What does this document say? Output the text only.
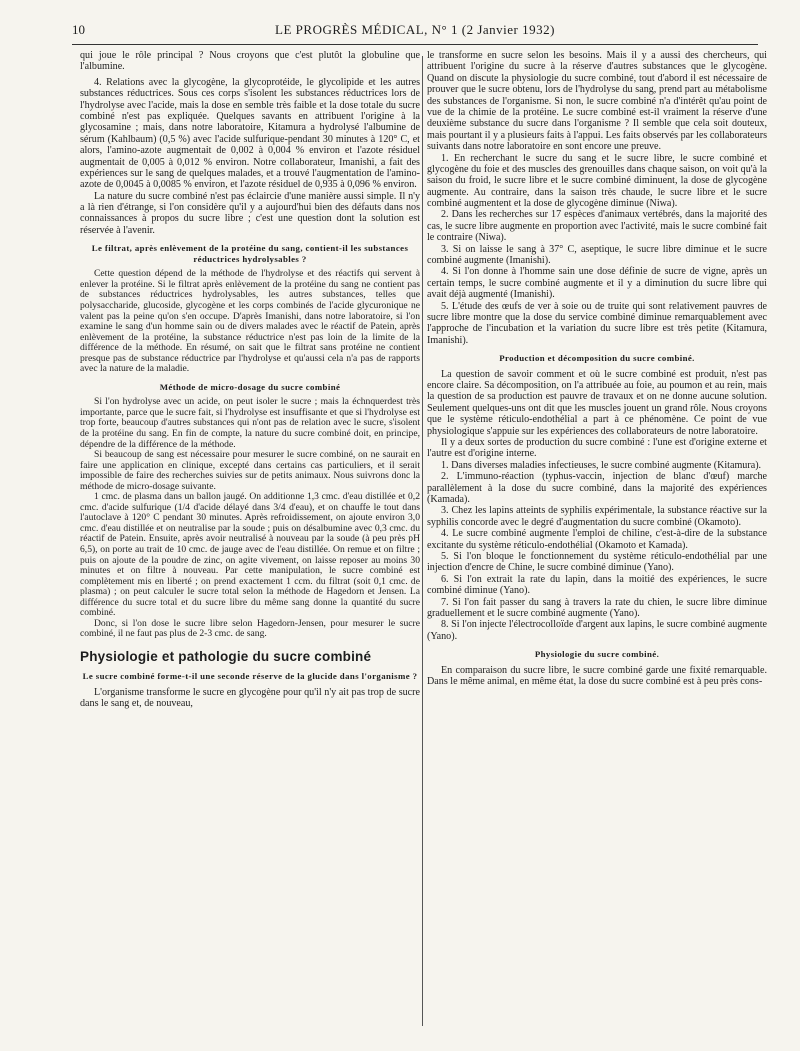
10	LE PROGRÈS MÉDICAL, N° 1 (2 Janvier 1932)

qui joue le rôle principal ? Nous croyons que c'est plutôt la globuline que l'albumine.

4. Relations avec la glycogène, la glycoprotéide, le glycolipide et les autres substances réductrices. Sous ces corps s'isolent les substances réductrices lors de l'hydrolyse avec l'acide, mais la dose en semble très faible et la dose totale du sucre combiné n'est pas expliquée. Quelques savants en attribuent l'origine à la glycosamine ; mais, dans notre laboratoire, Kitamura a hydrolysé l'albumine de sérum (Kahlbaum) (0,5 %) avec l'acide sulfurique-pendant 30 minutes à 120° C, et alors, l'amino-azote augmentait de 0,002 à 0,004 % environ et l'azote résiduel augmentait de 0,005 à 0,012 % environ. Notre collaborateur, Imanishi, a fait des expériences sur le sang de quelques malades, et a trouvé l'augmentation de l'amino-azote de 0,0045 à 0,0085 % environ, et l'azote résiduel de 0,935 à 0,096 % environ.

La nature du sucre combiné n'est pas éclaircie d'une manière aussi simple. Il n'y a là rien d'étrange, si l'on considère qu'il y a aujourd'hui bien des défauts dans nos connaissances à propos du sucre libre ; c'est une question dont la solution est réservée à l'avenir.

Le filtrat, après enlèvement de la protéine du sang, contient-il les substances réductrices hydrolysables ?

Cette question dépend de la méthode de l'hydrolyse et des réactifs qui servent à enlever la protéine. Si le filtrat après enlèvement de la protéine du sang ne contient pas de substances réductrices hydrolysables, les autres substances, telles que polysaccharide, glucoside, glycogène et les corps combinés de l'acide glycuronique ne valent pas la peine qu'on s'en occupe. D'après Imanishi, dans notre laboratoire, si l'on examine le sang d'un homme sain ou de divers malades avec le réactif de Patein, après enlèvement de la protéine, la substance réductrice n'est pas loin de la limite de la différence de la méthode. En résumé, on sait que le filtrat sans protéine ne contient presque pas de substance réductrice par l'hydrolyse et qu'aussi cela n'a pas de rapports avec la nature de la maladie.

Méthode de micro-dosage du sucre combiné

Si l'on hydrolyse avec un acide, on peut isoler le sucre ; mais la échnquerdest très importante, parce que le sucre fait, si l'hydrolyse est insuffisante et que si l'hydrolyse est trop forte, beaucoup d'autres substances qui n'ont pas de relation avec le sucre, s'isolent de la protéine du sang. En fin de compte, la nature du sucre combiné doit, en principe, dépendre de la différence de la méthode.

Si beaucoup de sang est nécessaire pour mesurer le sucre combiné, on ne saurait en faire une application en clinique, excepté dans certains cas particuliers, et il serait impossible de faire des recherches suivies sur de petits animaux. Nous suivrons donc la méthode de micro-dosage suivante.

1 cmc. de plasma dans un ballon jaugé. On additionne 1,3 cmc. d'eau distillée et 0,2 cmc. d'acide sulfurique (1/4 d'acide délayé dans 3/4 d'eau), et on chauffe le tout dans l'autoclave à 120° C pendant 30 minutes. Après refroidissement, on ajoute environ 3,0 cmc. d'eau distillée et on neutralise par la soude ; puis on désalbumine avec 0,3 cmc. du réactif de Patein. Ensuite, après avoir neutralisé à nouveau par la soude (à peu près pH 6,5), on porte au trait de 10 cmc. de jauge avec de l'eau distillée. On remue et on filtre ; puis on ajoute de la poudre de zinc, on agite vivement, on laisse reposer au moins 30 minutes et on filtre à nouveau. Par cette manipulation, le sucre combiné est complètement mis en liberté ; on prend exactement 1 ccm. du filtrat (soit 0,1 cmc. de plasma) ; on peut calculer le sucre total selon la méthode de Hagedorn et Jensen. La différence du sucre total et du sucre libre du même sang donne la quantité du sucre combiné.

Donc, si l'on dose le sucre libre selon Hagedorn-Jensen, pour mesurer le sucre combiné, il ne faut pas plus de 2-3 cmc. de sang.

Physiologie et pathologie du sucre combiné
Le sucre combiné forme-t-il une seconde réserve de la glucide dans l'organisme ?

L'organisme transforme le sucre en glycogène pour qu'il n'y ait pas trop de sucre dans le sang et, de nouveau,

le transforme en sucre selon les besoins. Mais il y a aussi des chercheurs, qui attribuent l'origine du sucre à la réserve d'autres substances que le glycogène. Quand on discute la physiologie du sucre combiné, tout d'abord il est nécessaire de prouver que le sucre obtenu, lors de l'hydrolyse du sang, prend part au métabolisme des substances de l'organisme. Si non, le sucre combiné n'a d'intérêt qu'au point de vue de la chimie de la protéine. Le sucre combiné est-il vraiment la réserve d'une deuxième substance du sucre dans l'organisme ? Il semble que cela soit douteux, mais pourtant il y a plusieurs faits à l'appui. Les faits observés par les collaborateurs suivants dans notre laboratoire en sont encore une preuve.

1. En recherchant le sucre du sang et le sucre libre, le sucre combiné et glycogène du foie et des muscles des grenouilles dans chaque saison, on voit qu'à la saison du froid, le sucre libre et le sucre combiné diminuent, la dose de glycogène augmente. Au contraire, dans la saison très chaude, le sucre libre et le sucre combiné augmentent et la dose de glycogène diminue (Niwa).

2. Dans les recherches sur 17 espèces d'animaux vertébrés, dans la majorité des cas, le sucre libre augmente en proportion avec l'activité, mais le sucre combiné fait le contraire (Niwa).

3. Si on laisse le sang à 37° C, aseptique, le sucre libre diminue et le sucre combiné augmente (Imanishi).

4. Si l'on donne à l'homme sain une dose définie de sucre de vigne, après un certain temps, le sucre combiné augmente et il y a diminution du sucre libre qui avait déjà augmenté (Imanishi).

5. L'étude des œufs de ver à soie ou de truite qui sont relativement pauvres de sucre libre montre que la dose du service combiné diminue remarquablement avec l'approche de l'incubation et la variation du sucre libre est très petite (Kitamura, Imanishi).

Production et décomposition du sucre combiné.

La question de savoir comment et où le sucre combiné est produit, n'est pas encore claire. Sa décomposition, on l'a attribuée au foie, au poumon et au rein, mais la question de sa production est pauvre de travaux et on ne donne aucune solution. Seulement quelques-uns ont dit que les muscles jouent un grand rôle. Nous croyons que le système réticulo-endothélial a part à ce phénomène. Ce point de vue physiologique s'appuie sur les expériences des collaborateurs de notre laboratoire.

Il y a deux sortes de production du sucre combiné : l'une est d'origine externe et l'autre est d'origine interne.

1. Dans diverses maladies infectieuses, le sucre combiné augmente (Kitamura).

2. L'immuno-réaction (typhus-vaccin, injection de blanc d'œuf) marche parallèlement à la dose du sucre combiné, dans la majorité des expériences (Kamada).

3. Chez les lapins atteints de syphilis expérimentale, la substance réactive sur la syphilis concorde avec le degré d'augmentation du sucre combiné (Okamoto).

4. Le sucre combiné augmente l'emploi de chiline, c'est-à-dire de la substance excitante du système réticulo-endothélial (Okamoto et Kamada).

5. Si l'on bloque le fonctionnement du système réticulo-endothélial par une injection d'encre de Chine, le sucre combiné diminue (Yano).

6. Si l'on extrait la rate du lapin, dans la moitié des expériences, le sucre combiné diminue (Yano).

7. Si l'on fait passer du sang à travers la rate du chien, le sucre libre diminue graduellement et le sucre combiné augmente (Yano).

8. Si l'on injecte l'électrocolloïde d'argent aux lapins, le sucre combiné augmente (Yano).

Physiologie du sucre combiné.

En comparaison du sucre libre, le sucre combiné garde une fixité remarquable. Dans le même animal, en même état, la dose du sucre combiné est à peu près cons-
